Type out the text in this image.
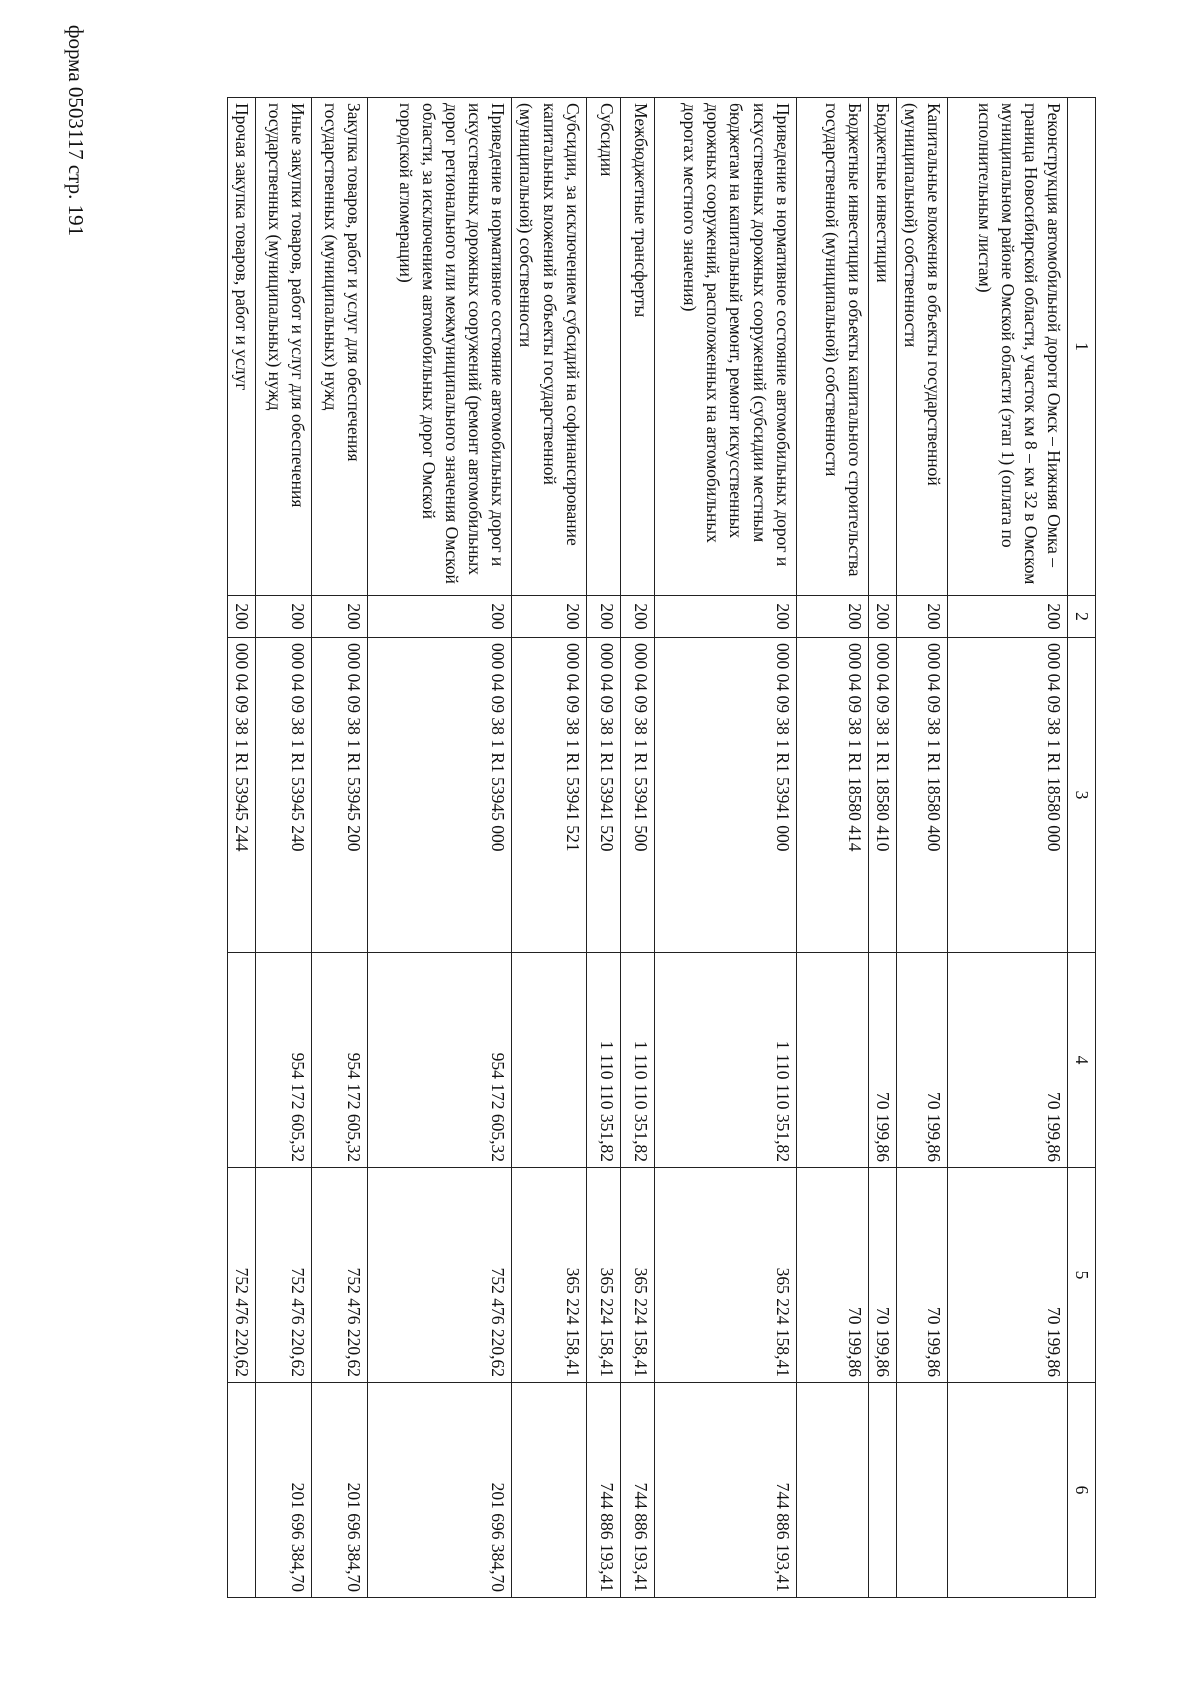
форма 0503117 стр. 191
1	2	3	4	5	6
Реконструкция автомобильной дороги Омск – Нижняя Омка – граница Новосибирской области, участок км 8 – км 32 в Омском муниципальном районе Омской области (этап 1) (оплата по исполнительным листам)	200	000 04 09 38 1 R1 18580 000	70 199,86	70 199,86	
Капитальные вложения в объекты государственной (муниципальной) собственности	200	000 04 09 38 1 R1 18580 400	70 199,86	70 199,86	
Бюджетные инвестиции	200	000 04 09 38 1 R1 18580 410	70 199,86	70 199,86	
Бюджетные инвестиции в объекты капитального строительства государственной (муниципальной) собственности	200	000 04 09 38 1 R1 18580 414		70 199,86	
Приведение в нормативное состояние автомобильных дорог и искусственных дорожных сооружений (субсидии местным бюджетам на капитальный ремонт, ремонт искусственных дорожных сооружений, расположенных на автомобильных дорогах местного значения)	200	000 04 09 38 1 R1 53941 000	1 110 110 351,82	365 224 158,41	744 886 193,41
Межбюджетные трансферты	200	000 04 09 38 1 R1 53941 500	1 110 110 351,82	365 224 158,41	744 886 193,41
Субсидии	200	000 04 09 38 1 R1 53941 520	1 110 110 351,82	365 224 158,41	744 886 193,41
Субсидии, за исключением субсидий на софинансирование капитальных вложений в объекты государственной (муниципальной) собственности	200	000 04 09 38 1 R1 53941 521		365 224 158,41	
Приведение в нормативное состояние автомобильных дорог и искусственных дорожных сооружений (ремонт автомобильных дорог регионального или межмуниципального значения Омской области, за исключением автомобильных дорог Омской городской агломерации)	200	000 04 09 38 1 R1 53945 000	954 172 605,32	752 476 220,62	201 696 384,70
Закупка товаров, работ и услуг для обеспечения государственных (муниципальных) нужд	200	000 04 09 38 1 R1 53945 200	954 172 605,32	752 476 220,62	201 696 384,70
Иные закупки товаров, работ и услуг для обеспечения государственных (муниципальных) нужд	200	000 04 09 38 1 R1 53945 240	954 172 605,32	752 476 220,62	201 696 384,70
Прочая закупка товаров, работ и услуг	200	000 04 09 38 1 R1 53945 244		752 476 220,62	
